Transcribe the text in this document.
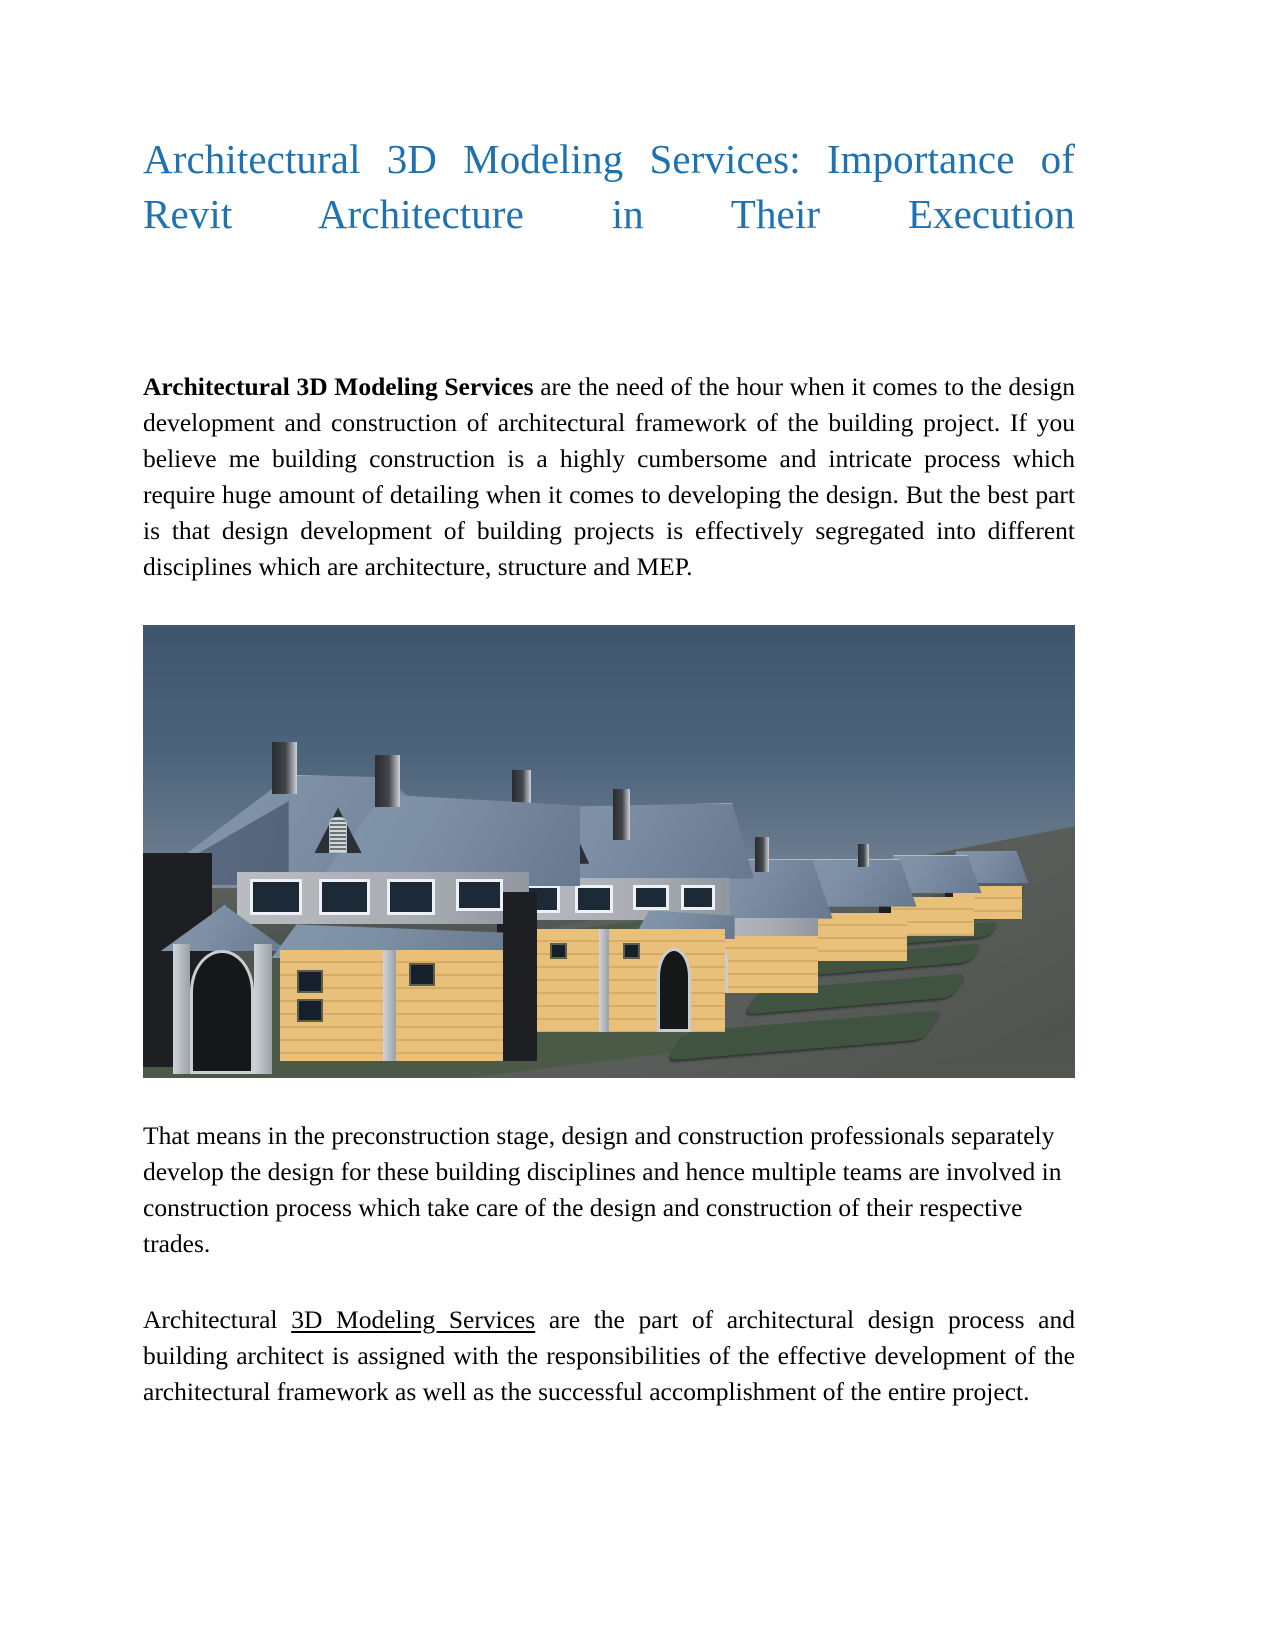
Architectural 3D Modeling Services: Importance of Revit Architecture in Their Execution

Architectural 3D Modeling Services are the need of the hour when it comes to the design development and construction of architectural framework of the building project. If you believe me building construction is a highly cumbersome and intricate process which require huge amount of detailing when it comes to developing the design. But the best part is that design development of building projects is effectively segregated into different disciplines which are architecture, structure and MEP.

That means in the preconstruction stage, design and construction professionals separately develop the design for these building disciplines and hence multiple teams are involved in construction process which take care of the design and construction of their respective trades.

Architectural 3D Modeling Services are the part of architectural design process and building architect is assigned with the responsibilities of the effective development of the architectural framework as well as the successful accomplishment of the entire project.
